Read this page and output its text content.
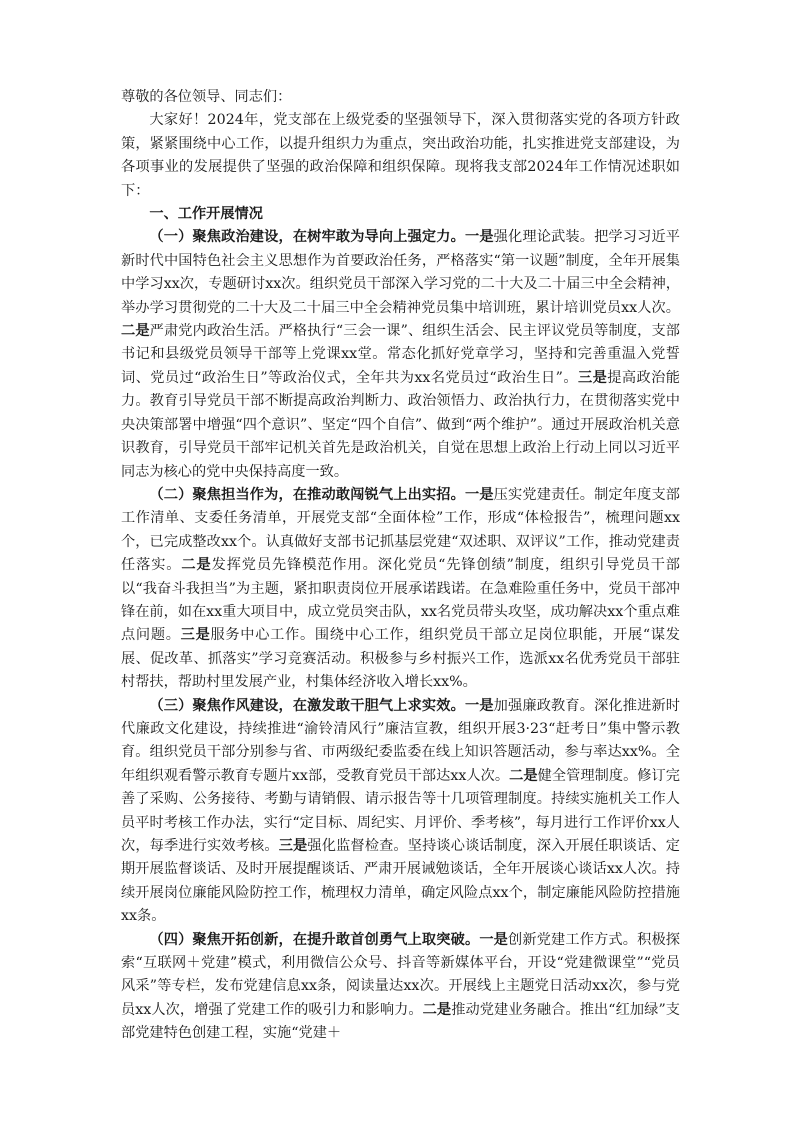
尊敬的各位领导、同志们：

大家好！2024年，党支部在上级党委的坚强领导下，深入贯彻落实党的各项方针政策，紧紧围绕中心工作，以提升组织力为重点，突出政治功能，扎实推进党支部建设，为各项事业的发展提供了坚强的政治保障和组织保障。现将我支部2024年工作情况述职如下：

一、工作开展情况

（一）聚焦政治建设，在树牢敢为导向上强定力。一是强化理论武装。把学习习近平新时代中国特色社会主义思想作为首要政治任务，严格落实“第一议题”制度，全年开展集中学习xx次，专题研讨xx次。组织党员干部深入学习党的二十大及二十届三中全会精神，举办学习贯彻党的二十大及二十届三中全会精神党员集中培训班，累计培训党员xx人次。二是严肃党内政治生活。严格执行“三会一课”、组织生活会、民主评议党员等制度，支部书记和县级党员领导干部等上党课xx堂。常态化抓好党章学习，坚持和完善重温入党誓词、党员过“政治生日”等政治仪式，全年共为xx名党员过“政治生日”。三是提高政治能力。教育引导党员干部不断提高政治判断力、政治领悟力、政治执行力，在贯彻落实党中央决策部署中增强“四个意识”、坚定“四个自信”、做到“两个维护”。通过开展政治机关意识教育，引导党员干部牢记机关首先是政治机关，自觉在思想上政治上行动上同以习近平同志为核心的党中央保持高度一致。

（二）聚焦担当作为，在推动敢闯锐气上出实招。一是压实党建责任。制定年度支部工作清单、支委任务清单，开展党支部“全面体检”工作，形成“体检报告”，梳理问题xx个，已完成整改xx个。认真做好支部书记抓基层党建“双述职、双评议”工作，推动党建责任落实。二是发挥党员先锋模范作用。深化党员“先锋创绩”制度，组织引导党员干部以“我奋斗我担当”为主题，紧扣职责岗位开展承诺践诺。在急难险重任务中，党员干部冲锋在前，如在xx重大项目中，成立党员突击队，xx名党员带头攻坚，成功解决xx个重点难点问题。三是服务中心工作。围绕中心工作，组织党员干部立足岗位职能，开展“谋发展、促改革、抓落实”学习竞赛活动。积极参与乡村振兴工作，选派xx名优秀党员干部驻村帮扶，帮助村里发展产业，村集体经济收入增长xx%。

（三）聚焦作风建设，在激发敢干胆气上求实效。一是加强廉政教育。深化推进新时代廉政文化建设，持续推进“渝铃清风行”廉洁宣教，组织开展3·23“赶考日”集中警示教育。组织党员干部分别参与省、市两级纪委监委在线上知识答题活动，参与率达xx%。全年组织观看警示教育专题片xx部，受教育党员干部达xx人次。二是健全管理制度。修订完善了采购、公务接待、考勤与请销假、请示报告等十几项管理制度。持续实施机关工作人员平时考核工作办法，实行“定目标、周纪实、月评价、季考核”，每月进行工作评价xx人次，每季进行实效考核。三是强化监督检查。坚持谈心谈话制度，深入开展任职谈话、定期开展监督谈话、及时开展提醒谈话、严肃开展诫勉谈话，全年开展谈心谈话xx人次。持续开展岗位廉能风险防控工作，梳理权力清单，确定风险点xx个，制定廉能风险防控措施xx条。

（四）聚焦开拓创新，在提升敢首创勇气上取突破。一是创新党建工作方式。积极探索“互联网＋党建”模式，利用微信公众号、抖音等新媒体平台，开设“党建微课堂”“党员风采”等专栏，发布党建信息xx条，阅读量达xx次。开展线上主题党日活动xx次，参与党员xx人次，增强了党建工作的吸引力和影响力。二是推动党建业务融合。推出“红加绿”支部党建特色创建工程，实施“党建＋
